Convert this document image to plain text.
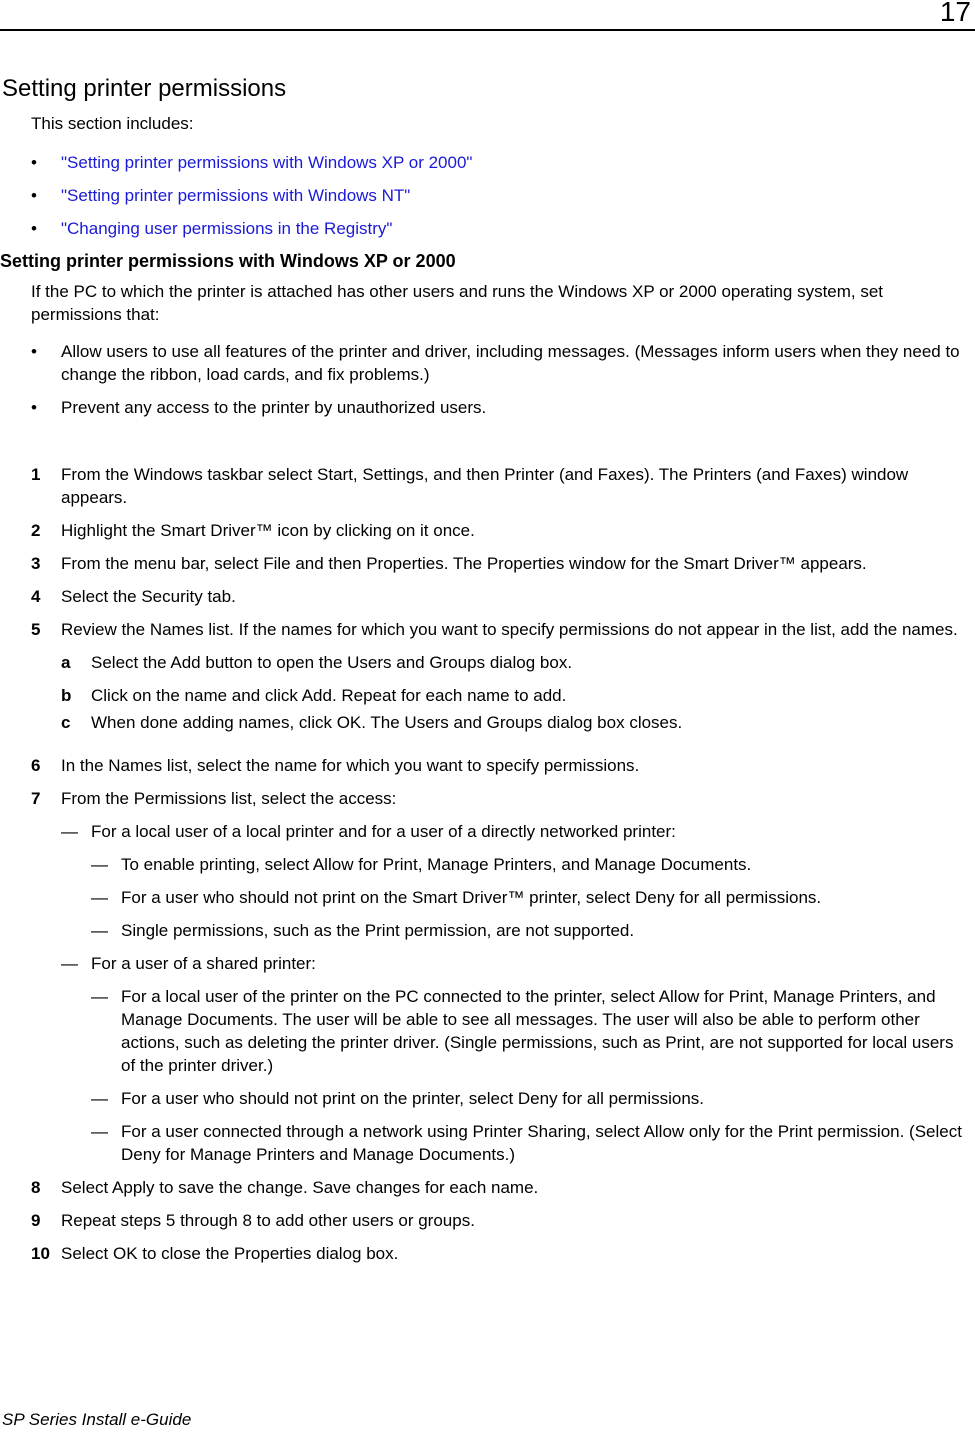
17
Setting printer permissions

This section includes:

•	"Setting printer permissions with Windows XP or 2000"
•	"Setting printer permissions with Windows NT"
•	"Changing user permissions in the Registry"
Setting printer permissions with Windows XP or 2000

If the PC to which the printer is attached has other users and runs the Windows XP or 2000 operating system, set permissions that:

•	Allow users to use all features of the printer and driver, including messages. (Messages inform users when they need to change the ribbon, load cards, and fix problems.)
•	Prevent any access to the printer by unauthorized users.
1	From the Windows taskbar select Start, Settings, and then Printer (and Faxes). The Printers (and Faxes) window appears.
2	Highlight the Smart Driver™ icon by clicking on it once.
3	From the menu bar, select File and then Properties. The Properties window for the Smart Driver™ appears.
4	Select the Security tab.
5	Review the Names list. If the names for which you want to specify permissions do not appear in the list, add the names.
a	Select the Add button to open the Users and Groups dialog box.
b	Click on the name and click Add. Repeat for each name to add.
c	When done adding names, click OK. The Users and Groups dialog box closes.
6	In the Names list, select the name for which you want to specify permissions.
7	From the Permissions list, select the access:
— For a local user of a local printer and for a user of a directly networked printer:
— To enable printing, select Allow for Print, Manage Printers, and Manage Documents.
— For a user who should not print on the Smart Driver™ printer, select Deny for all permissions.
— Single permissions, such as the Print permission, are not supported.
— For a user of a shared printer:
— For a local user of the printer on the PC connected to the printer, select Allow for Print, Manage Printers, and Manage Documents. The user will be able to see all messages. The user will also be able to perform other actions, such as deleting the printer driver. (Single permissions, such as Print, are not supported for local users of the printer driver.)
— For a user who should not print on the printer, select Deny for all permissions.
— For a user connected through a network using Printer Sharing, select Allow only for the Print permission. (Select Deny for Manage Printers and Manage Documents.)
8	Select Apply to save the change. Save changes for each name.
9	Repeat steps 5 through 8 to add other users or groups.
10 Select OK to close the Properties dialog box.
SP Series Install e-Guide
